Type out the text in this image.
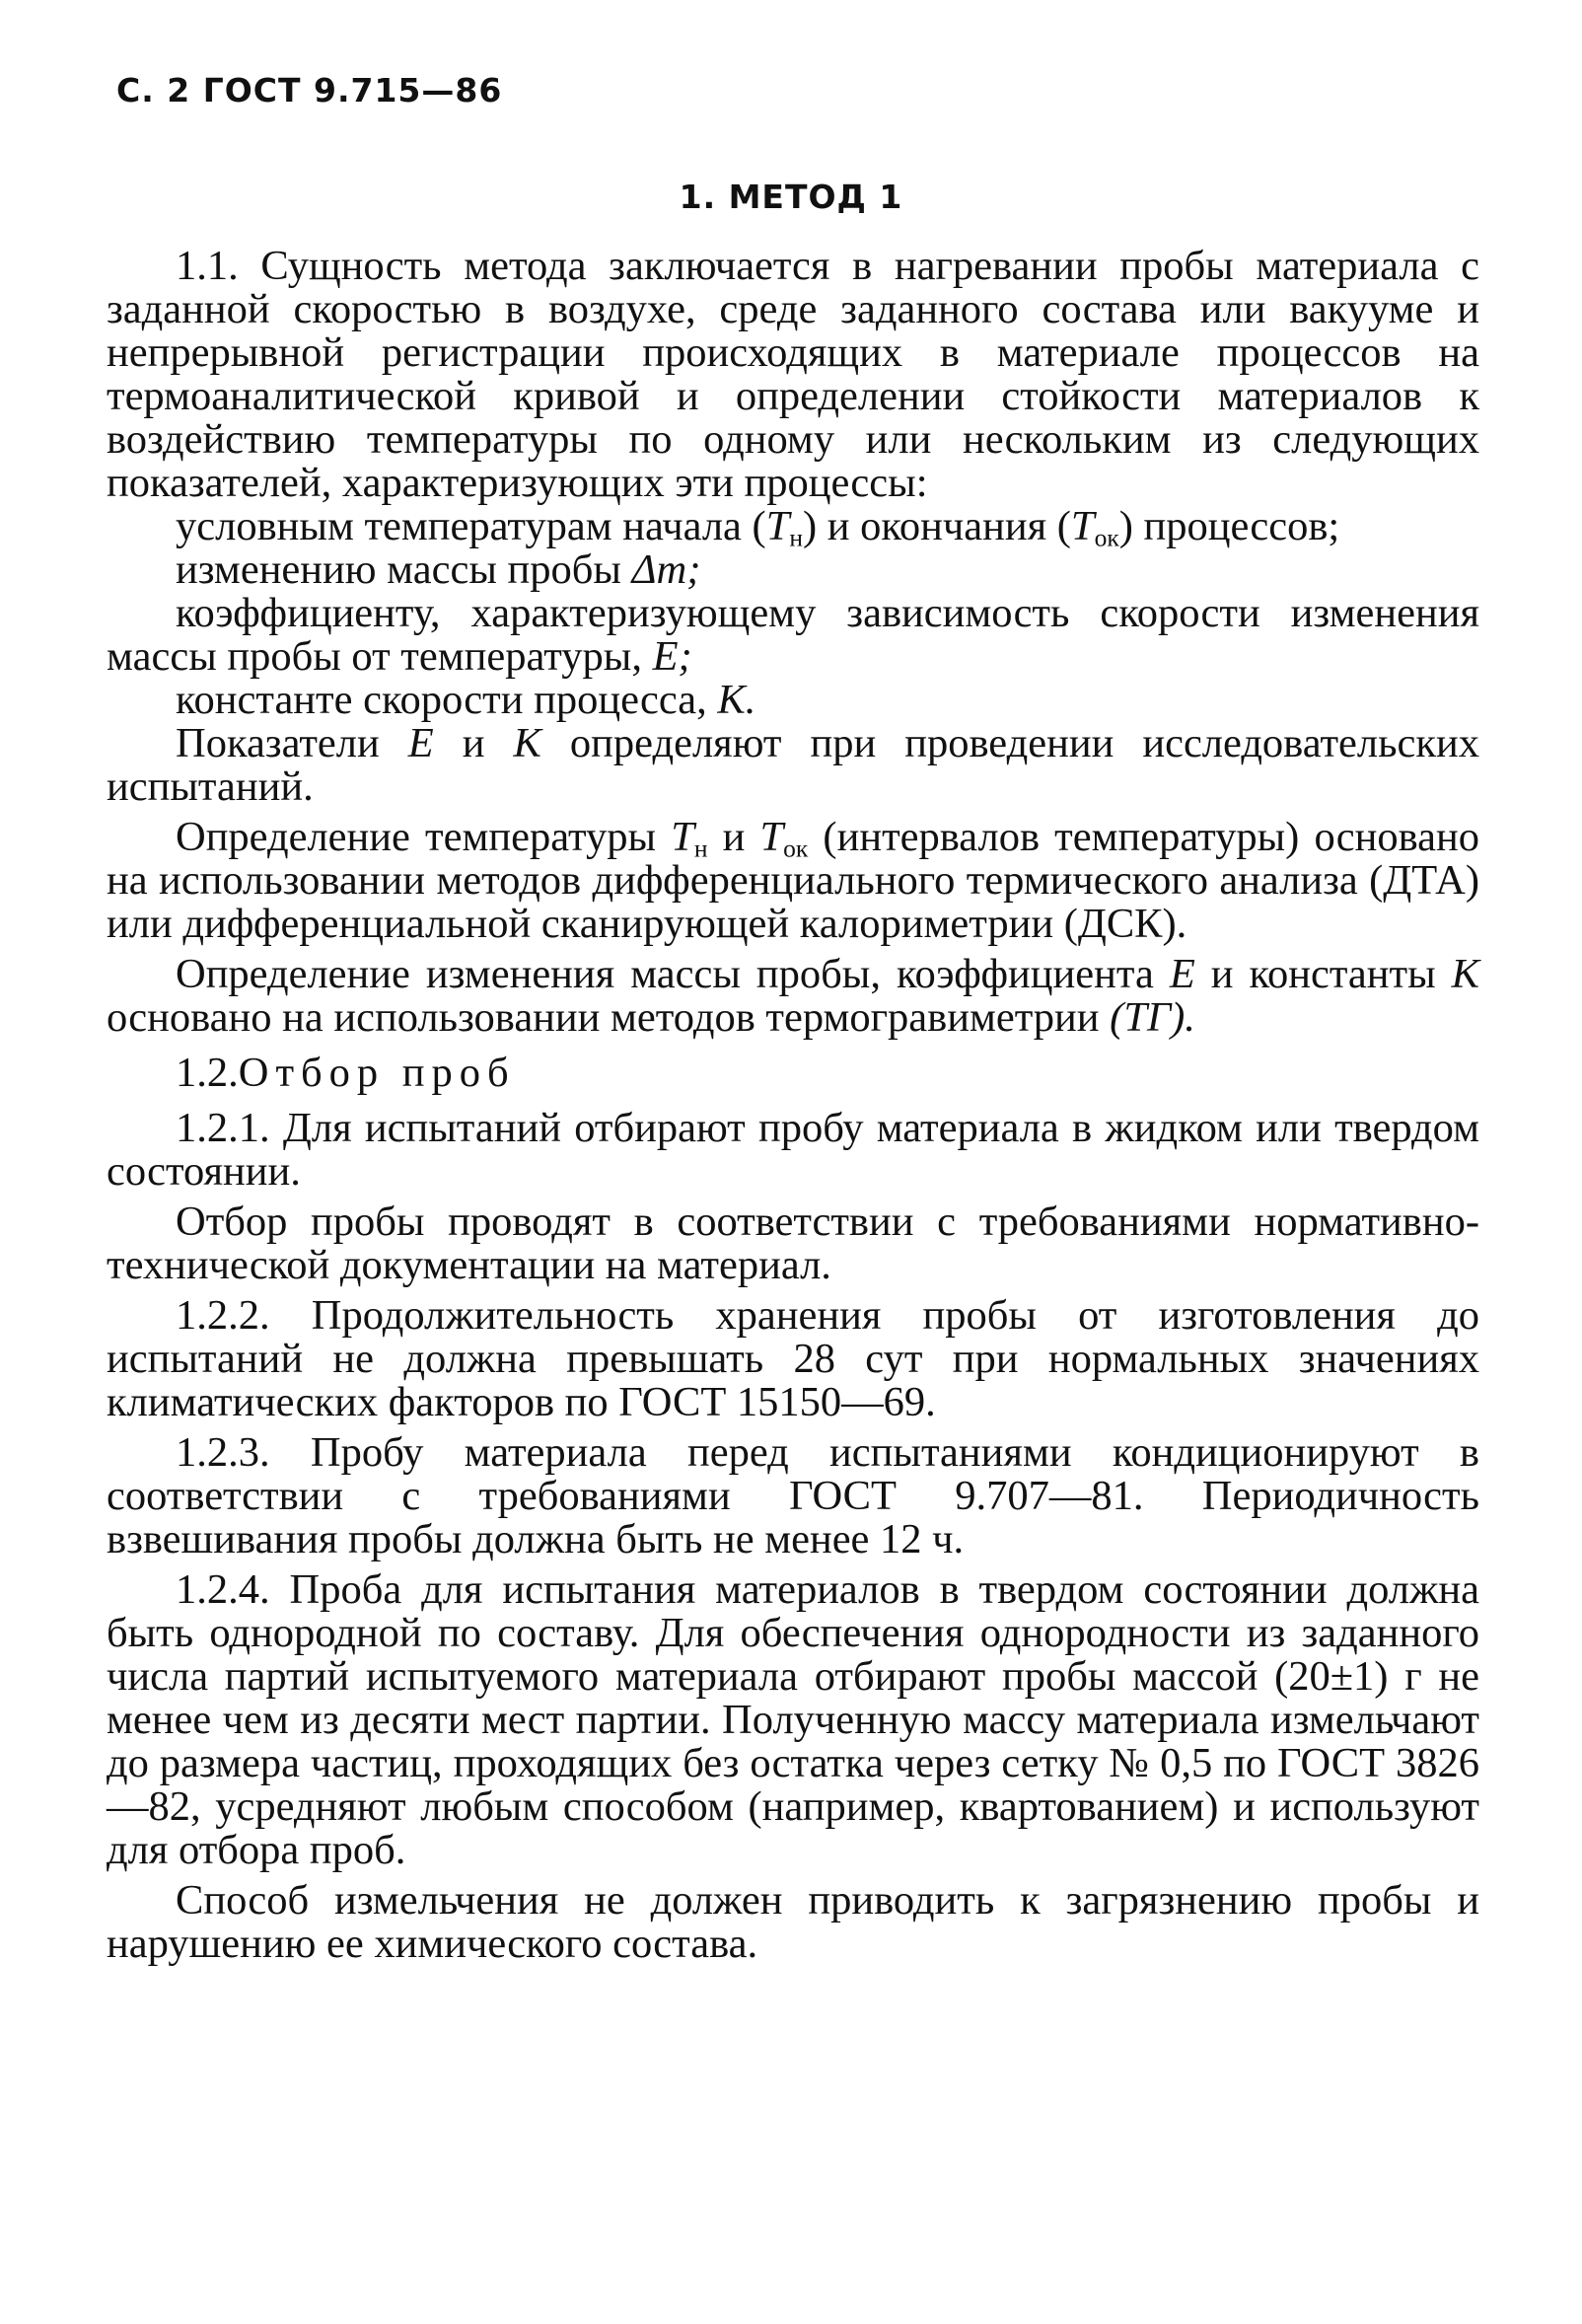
С. 2 ГОСТ 9.715—86
1. МЕТОД 1

1.1. Сущность метода заключается в нагревании пробы материала с заданной скоростью в воздухе, среде заданного состава или вакууме и непрерывной регистрации происходящих в материале процессов на термоаналитической кривой и определении стойкости материалов к воздействию температуры по одному или нескольким из следующих показателей, характеризующих эти процессы:

условным температурам начала $(T_н)$ и окончания $(T_{ок})$ процессов;

изменению массы пробы Δm;

коэффициенту, характеризующему зависимость скорости изменения массы пробы от температуры, E;

константе скорости процесса, K.

Показатели E и K определяют при проведении исследовательских испытаний.

Определение температуры $T_н$ и $T_{ок}$ (интервалов температуры) основано на использовании методов дифференциального термического анализа (ДТА) или дифференциальной сканирующей калориметрии (ДСК).

Определение изменения массы пробы, коэффициента E и константы K основано на использовании методов термогравиметрии (ТГ).

1.2.Отбор проб

1.2.1. Для испытаний отбирают пробу материала в жидком или твердом состоянии.

Отбор пробы проводят в соответствии с требованиями нормативно-технической документации на материал.

1.2.2. Продолжительность хранения пробы от изготовления до испытаний не должна превышать 28 сут при нормальных значениях климатических факторов по ГОСТ 15150—69.

1.2.3. Пробу материала перед испытаниями кондиционируют в соответствии с требованиями ГОСТ 9.707—81. Периодичность взвешивания пробы должна быть не менее 12 ч.

1.2.4. Проба для испытания материалов в твердом состоянии должна быть однородной по составу. Для обеспечения однородности из заданного числа партий испытуемого материала отбирают пробы массой (20±1) г не менее чем из десяти мест партии. Полученную массу материала измельчают до размера частиц, проходящих без остатка через сетку № 0,5 по ГОСТ 3826—82, усредняют любым способом (например, квартованием) и используют для отбора проб.

Способ измельчения не должен приводить к загрязнению пробы и нарушению ее химического состава.
